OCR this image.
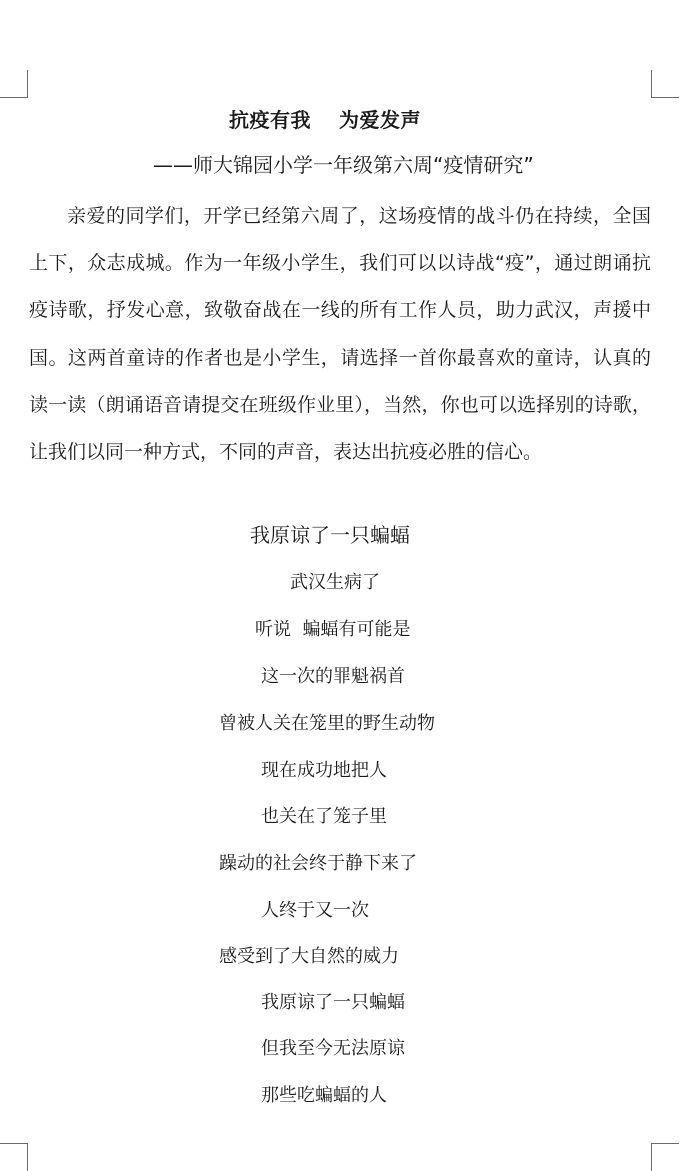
抗疫有我　 为爱发声
——师大锦园小学一年级第六周“疫情研究”

亲爱的同学们，开学已经第六周了，这场疫情的战斗仍在持续，全国上下，众志成城。作为一年级小学生，我们可以以诗战“疫”，通过朗诵抗疫诗歌，抒发心意，致敬奋战在一线的所有工作人员，助力武汉，声援中国。这两首童诗的作者也是小学生，请选择一首你最喜欢的童诗，认真的读一读（朗诵语音请提交在班级作业里），当然，你也可以选择别的诗歌，让我们以同一种方式，不同的声音，表达出抗疫必胜的信心。

我原谅了一只蝙蝠

武汉生病了
听说  蝙蝠有可能是
这一次的罪魁祸首
曾被人关在笼里的野生动物
现在成功地把人
也关在了笼子里
躁动的社会终于静下来了
人终于又一次
感受到了大自然的威力
我原谅了一只蝙蝠
但我至今无法原谅
那些吃蝙蝠的人
